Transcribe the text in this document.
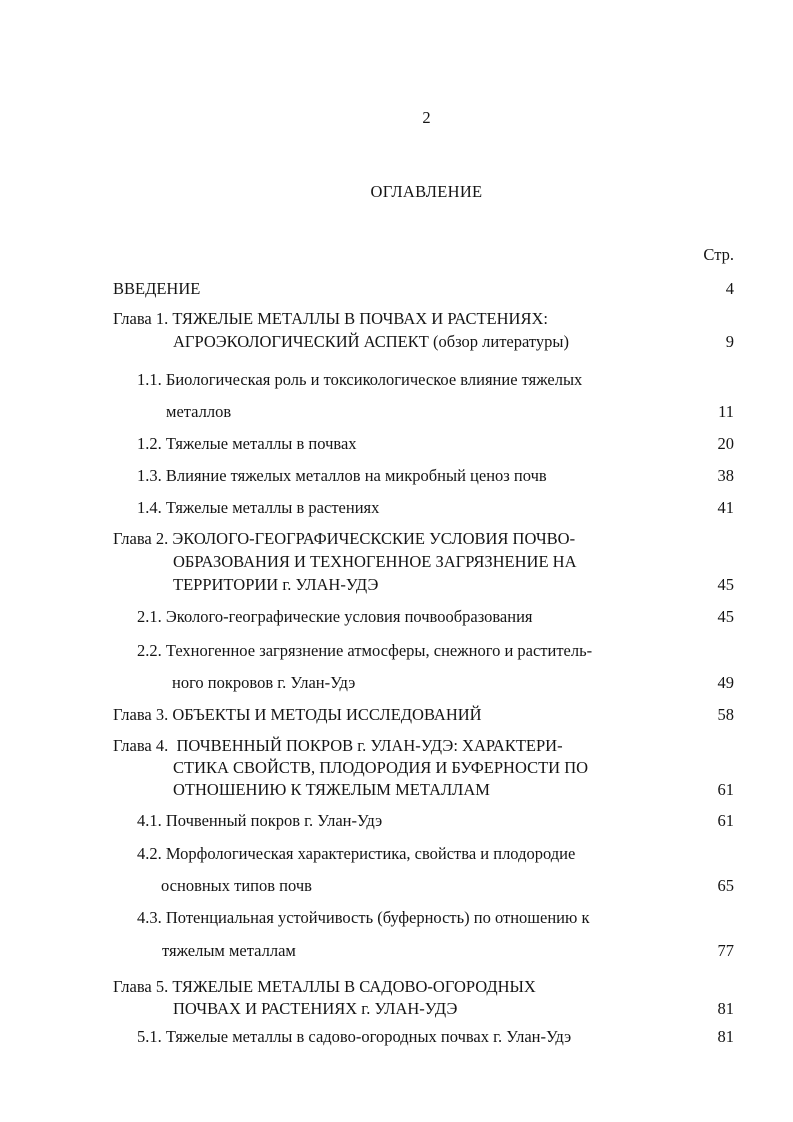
2
ОГЛАВЛЕНИЕ
Стр.
ВВЕДЕНИЕ	4
Глава 1. ТЯЖЕЛЫЕ МЕТАЛЛЫ В ПОЧВАХ И РАСТЕНИЯХ:
АГРОЭКОЛОГИЧЕСКИЙ АСПЕКТ (обзор литературы)	9
1.1. Биологическая роль и токсикологическое влияние тяжелых
металлов	11
1.2. Тяжелые металлы в почвах	20
1.3. Влияние тяжелых металлов на микробный ценоз почв	38
1.4. Тяжелые металлы в растениях	41
Глава 2. ЭКОЛОГО-ГЕОГРАФИЧЕСКСКИЕ УСЛОВИЯ ПОЧВО-
ОБРАЗОВАНИЯ И ТЕХНОГЕННОЕ ЗАГРЯЗНЕНИЕ НА
ТЕРРИТОРИИ г. УЛАН-УДЭ	45
2.1. Эколого-географические условия почвообразования	45
2.2. Техногенное загрязнение атмосферы, снежного и раститель-
ного покровов г. Улан-Удэ	49
Глава 3. ОБЪЕКТЫ И МЕТОДЫ ИССЛЕДОВАНИЙ	58
Глава 4.  ПОЧВЕННЫЙ ПОКРОВ г. УЛАН-УДЭ: ХАРАКТЕРИ-
СТИКА СВОЙСТВ, ПЛОДОРОДИЯ И БУФЕРНОСТИ ПО
ОТНОШЕНИЮ К ТЯЖЕЛЫМ МЕТАЛЛАМ	61
4.1. Почвенный покров г. Улан-Удэ	61
4.2. Морфологическая характеристика, свойства и плодородие
основных типов почв	65
4.3. Потенциальная устойчивость (буферность) по отношению к
тяжелым металлам	77
Глава 5. ТЯЖЕЛЫЕ МЕТАЛЛЫ В САДОВО-ОГОРОДНЫХ
ПОЧВАХ И РАСТЕНИЯХ г. УЛАН-УДЭ	81
5.1. Тяжелые металлы в садово-огородных почвах г. Улан-Удэ	81
